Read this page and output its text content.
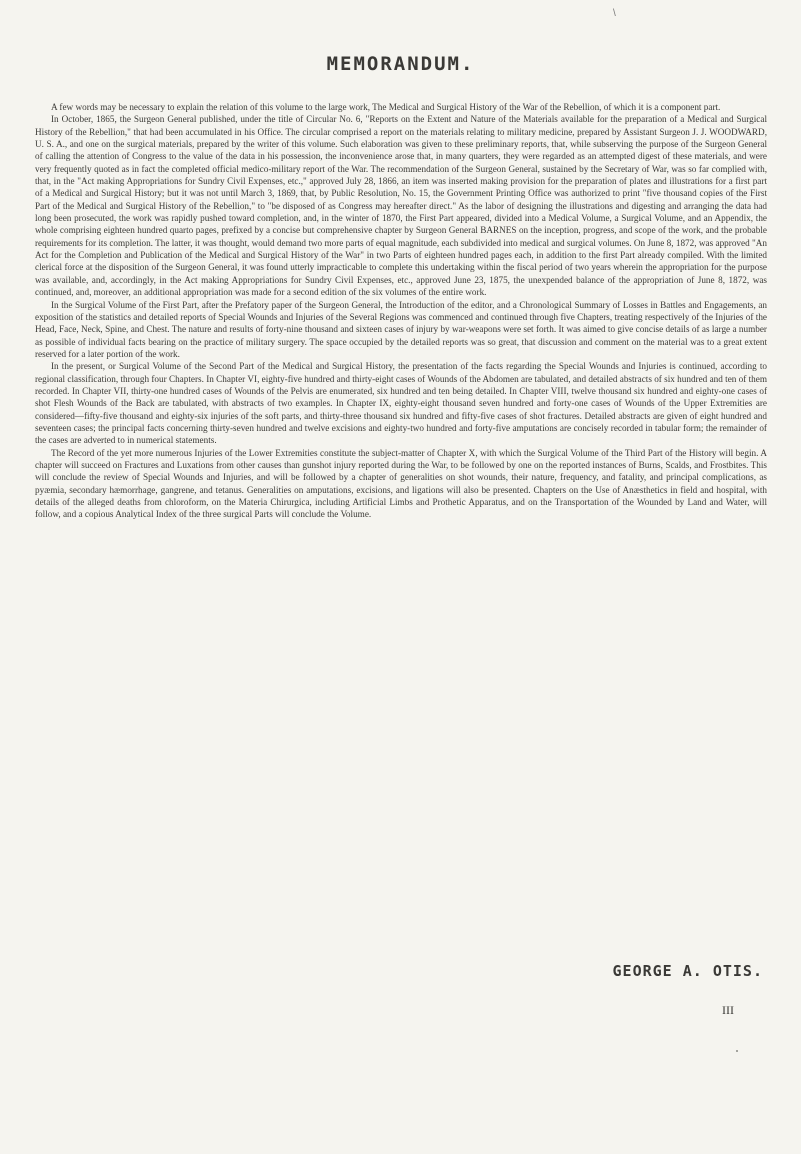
\
MEMORANDUM.

A few words may be necessary to explain the relation of this volume to the large work, The Medical and Surgical History of the War of the Rebellion, of which it is a component part.

In October, 1865, the Surgeon General published, under the title of Circular No. 6, "Reports on the Extent and Nature of the Materials available for the preparation of a Medical and Surgical History of the Rebellion," that had been accumulated in his Office. The circular comprised a report on the materials relating to military medicine, prepared by Assistant Surgeon J. J. WOODWARD, U. S. A., and one on the surgical materials, prepared by the writer of this volume. Such elaboration was given to these preliminary reports, that, while subserving the purpose of the Surgeon General of calling the attention of Congress to the value of the data in his possession, the inconvenience arose that, in many quarters, they were regarded as an attempted digest of these materials, and were very frequently quoted as in fact the completed official medico-military report of the War. The recommendation of the Surgeon General, sustained by the Secretary of War, was so far complied with, that, in the "Act making Appropriations for Sundry Civil Expenses, etc.," approved July 28, 1866, an item was inserted making provision for the preparation of plates and illustrations for a first part of a Medical and Surgical History; but it was not until March 3, 1869, that, by Public Resolution, No. 15, the Government Printing Office was authorized to print "five thousand copies of the First Part of the Medical and Surgical History of the Rebellion," to "be disposed of as Congress may hereafter direct." As the labor of designing the illustrations and digesting and arranging the data had long been prosecuted, the work was rapidly pushed toward completion, and, in the winter of 1870, the First Part appeared, divided into a Medical Volume, a Surgical Volume, and an Appendix, the whole comprising eighteen hundred quarto pages, prefixed by a concise but comprehensive chapter by Surgeon General BARNES on the inception, progress, and scope of the work, and the probable requirements for its completion. The latter, it was thought, would demand two more parts of equal magnitude, each subdivided into medical and surgical volumes. On June 8, 1872, was approved "An Act for the Completion and Publication of the Medical and Surgical History of the War" in two Parts of eighteen hundred pages each, in addition to the first Part already compiled. With the limited clerical force at the disposition of the Surgeon General, it was found utterly impracticable to complete this undertaking within the fiscal period of two years wherein the appropriation for the purpose was available, and, accordingly, in the Act making Appropriations for Sundry Civil Expenses, etc., approved June 23, 1875, the unexpended balance of the appropriation of June 8, 1872, was continued, and, moreover, an additional appropriation was made for a second edition of the six volumes of the entire work.

In the Surgical Volume of the First Part, after the Prefatory paper of the Surgeon General, the Introduction of the editor, and a Chronological Summary of Losses in Battles and Engagements, an exposition of the statistics and detailed reports of Special Wounds and Injuries of the Several Regions was commenced and continued through five Chapters, treating respectively of the Injuries of the Head, Face, Neck, Spine, and Chest. The nature and results of forty-nine thousand and sixteen cases of injury by war-weapons were set forth. It was aimed to give concise details of as large a number as possible of individual facts bearing on the practice of military surgery. The space occupied by the detailed reports was so great, that discussion and comment on the material was to a great extent reserved for a later portion of the work.

In the present, or Surgical Volume of the Second Part of the Medical and Surgical History, the presentation of the facts regarding the Special Wounds and Injuries is continued, according to regional classification, through four Chapters. In Chapter VI, eighty-five hundred and thirty-eight cases of Wounds of the Abdomen are tabulated, and detailed abstracts of six hundred and ten of them recorded. In Chapter VII, thirty-one hundred cases of Wounds of the Pelvis are enumerated, six hundred and ten being detailed. In Chapter VIII, twelve thousand six hundred and eighty-one cases of shot Flesh Wounds of the Back are tabulated, with abstracts of two examples. In Chapter IX, eighty-eight thousand seven hundred and forty-one cases of Wounds of the Upper Extremities are considered—fifty-five thousand and eighty-six injuries of the soft parts, and thirty-three thousand six hundred and fifty-five cases of shot fractures. Detailed abstracts are given of eight hundred and seventeen cases; the principal facts concerning thirty-seven hundred and twelve excisions and eighty-two hundred and forty-five amputations are concisely recorded in tabular form; the remainder of the cases are adverted to in numerical statements.

The Record of the yet more numerous Injuries of the Lower Extremities constitute the subject-matter of Chapter X, with which the Surgical Volume of the Third Part of the History will begin. A chapter will succeed on Fractures and Luxations from other causes than gunshot injury reported during the War, to be followed by one on the reported instances of Burns, Scalds, and Frostbites. This will conclude the review of Special Wounds and Injuries, and will be followed by a chapter of generalities on shot wounds, their nature, frequency, and fatality, and principal complications, as pyæmia, secondary hæmorrhage, gangrene, and tetanus. Generalities on amputations, excisions, and ligations will also be presented. Chapters on the Use of Anæsthetics in field and hospital, with details of the alleged deaths from chloroform, on the Materia Chirurgica, including Artificial Limbs and Prothetic Apparatus, and on the Transportation of the Wounded by Land and Water, will follow, and a copious Analytical Index of the three surgical Parts will conclude the Volume.

GEORGE A. OTIS.
III
